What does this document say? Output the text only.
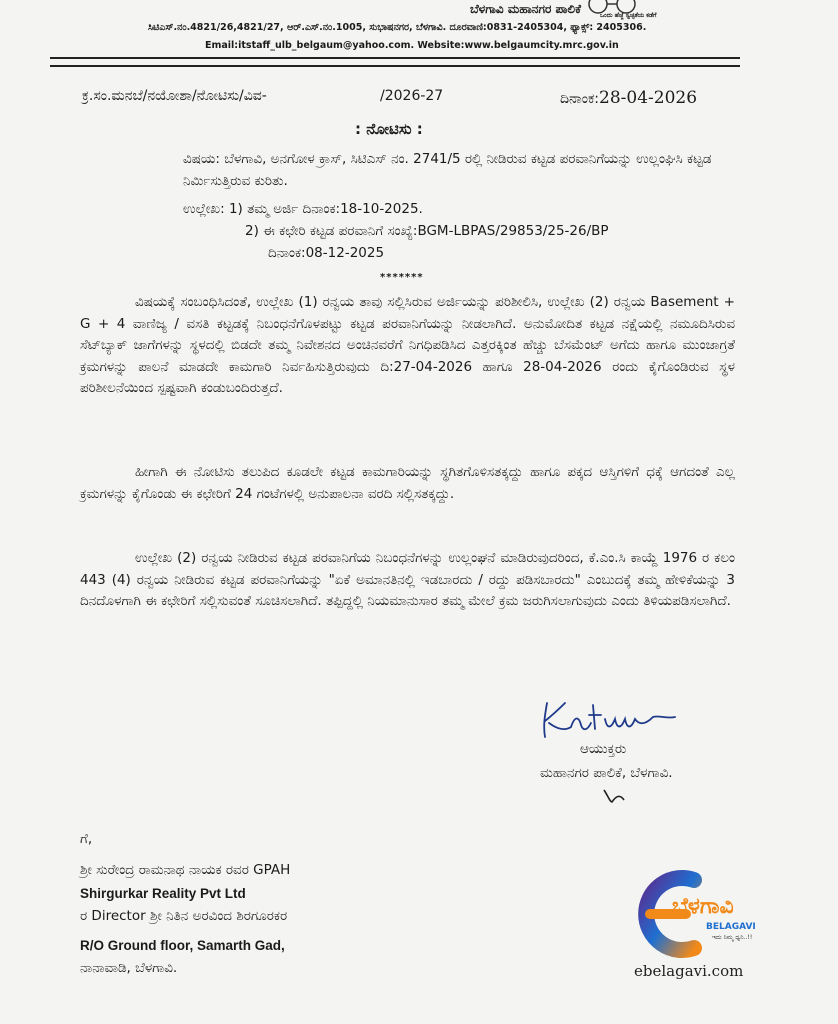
ಬೆಳಗಾವಿ ಮಹಾನಗರ ಪಾಲಿಕೆ	ಒಂದು ಹೆಜ್ಜೆ ಸ್ವಚ್ಛತೆಯ ಕಡೆಗೆ
ಸಿಟಿಎಸ್.ನಂ.4821/26,4821/27, ಆರ್.ಎಸ್.ನಂ.1005, ಸುಭಾಷನಗರ, ಬೆಳಗಾವಿ. ದೂರವಾಣಿ:0831-2405304, ಫ್ಯಾಕ್ಸ್: 2405306.
Email:itstaff_ulb_belgaum@yahoo.com. Website:www.belgaumcity.mrc.gov.in
ಕ್ರ.ಸಂ.ಮನಬೆ/ನಯೋಶಾ/ನೋಟಿಸು/ವಿವ-	/2026-27	ದಿನಾಂಕ:28-04-2026
: ನೋಟಿಸು :
ವಿಷಯ: ಬೆಳಗಾವಿ, ಅನಗೋಳ ಕ್ರಾಸ್, ಸಿಟಿಎಸ್ ನಂ. 2741/5 ರಲ್ಲಿ ನೀಡಿರುವ ಕಟ್ಟಡ ಪರವಾನಿಗೆಯನ್ನು ಉಲ್ಲಂಘಿಸಿ ಕಟ್ಟಡ ನಿರ್ಮಿಸುತ್ತಿರುವ ಕುರಿತು.
ಉಲ್ಲೇಖ: 1) ತಮ್ಮ ಅರ್ಜಿ ದಿನಾಂಕ:18-10-2025.
2) ಈ ಕಛೇರಿ ಕಟ್ಟಡ ಪರವಾನಿಗೆ ಸಂಖ್ಯೆ:BGM-LBPAS/29853/25-26/BP
ದಿನಾಂಕ:08-12-2025
*******
ವಿಷಯಕ್ಕೆ ಸಂಬಂಧಿಸಿದಂತೆ, ಉಲ್ಲೇಖ (1) ರನ್ವಯ ತಾವು ಸಲ್ಲಿಸಿರುವ ಅರ್ಜಿಯನ್ನು ಪರಿಶೀಲಿಸಿ, ಉಲ್ಲೇಖ (2) ರನ್ವಯ Basement + G + 4 ವಾಣಿಜ್ಯ / ವಸತಿ ಕಟ್ಟಡಕ್ಕೆ ನಿಬಂಧನೆಗೊಳಪಟ್ಟು ಕಟ್ಟಡ ಪರವಾನಿಗೆಯನ್ನು ನೀಡಲಾಗಿದೆ. ಅನುಮೋದಿತ ಕಟ್ಟಡ ನಕ್ಷೆಯಲ್ಲಿ ನಮೂದಿಸಿರುವ ಸೆಟ್‌ಬ್ಯಾಕ್ ಜಾಗೆಗಳನ್ನು ಸ್ಥಳದಲ್ಲಿ ಬಿಡದೇ ತಮ್ಮ ನಿವೇಶನದ ಅಂಚಿನವರೆಗೆ ನಿಗಧಿಪಡಿಸಿದ ಎತ್ತರಕ್ಕಿಂತ ಹೆಚ್ಚು ಬೆಸಮೆಂಟ್ ಅಗೆದು ಹಾಗೂ ಮುಂಜಾಗ್ರತೆ ಕ್ರಮಗಳನ್ನು ಪಾಲನೆ ಮಾಡದೇ ಕಾಮಗಾರಿ ನಿರ್ವಹಿಸುತ್ತಿರುವುದು ದಿ:27-04-2026 ಹಾಗೂ 28-04-2026 ರಂದು ಕೈಗೊಂಡಿರುವ ಸ್ಥಳ ಪರಿಶೀಲನೆಯಿಂದ ಸ್ಪಷ್ಟವಾಗಿ ಕಂಡುಬಂದಿರುತ್ತದೆ.
ಹೀಗಾಗಿ ಈ ನೋಟಿಸು ತಲುಪಿದ ಕೂಡಲೇ ಕಟ್ಟಡ ಕಾಮಗಾರಿಯನ್ನು ಸ್ಥಗಿತಗೊಳಿಸತಕ್ಕದ್ದು ಹಾಗೂ ಪಕ್ಕದ ಆಸ್ತಿಗಳಿಗೆ ಧಕ್ಕೆ ಆಗದಂತೆ ಎಲ್ಲ ಕ್ರಮಗಳನ್ನು ಕೈಗೊಂಡು ಈ ಕಛೇರಿಗೆ 24 ಗಂಟೆಗಳಲ್ಲಿ ಅನುಪಾಲನಾ ವರದಿ ಸಲ್ಲಿಸತಕ್ಕದ್ದು.
ಉಲ್ಲೇಖ (2) ರನ್ವಯ ನೀಡಿರುವ ಕಟ್ಟಡ ಪರವಾನಿಗೆಯ ನಿಬಂಧನೆಗಳನ್ನು ಉಲ್ಲಂಘನೆ ಮಾಡಿರುವುದರಿಂದ, ಕೆ.ಎಂ.ಸಿ ಕಾಯ್ದೆ 1976 ರ ಕಲಂ 443 (4) ರನ್ವಯ ನೀಡಿರುವ ಕಟ್ಟಡ ಪರವಾನಿಗೆಯನ್ನು "ಏಕೆ ಅಮಾನತಿನಲ್ಲಿ ಇಡಬಾರದು / ರದ್ದು ಪಡಿಸಬಾರದು" ಎಂಬುದಕ್ಕೆ ತಮ್ಮ ಹೇಳಿಕೆಯನ್ನು 3 ದಿನದೊಳಗಾಗಿ ಈ ಕಛೇರಿಗೆ ಸಲ್ಲಿಸುವಂತೆ ಸೂಚಿಸಲಾಗಿದೆ. ತಪ್ಪಿದ್ದಲ್ಲಿ ನಿಯಮಾನುಸಾರ ತಮ್ಮ ಮೇಲೆ ಕ್ರಮ ಜರುಗಿಸಲಾಗುವುದು ಎಂದು ತಿಳಿಯಪಡಿಸಲಾಗಿದೆ.
ಆಯುಕ್ತರು
ಮಹಾನಗರ ಪಾಲಿಕೆ, ಬೆಳಗಾವಿ.
ಗೆ,
ಶ್ರೀ ಸುರೇಂದ್ರ ರಾಮನಾಥ ನಾಯಕ ರವರ GPAH
Shirgurkar Reality Pvt Ltd
ರ Director ಶ್ರೀ ನಿತಿನ ಅರವಿಂದ ಶಿರಗೂರಕರ
R/O Ground floor, Samarth Gad,
ನಾನಾವಾಡಿ, ಬೆಳಗಾವಿ.
ಬೆಳಗಾವಿ
BELAGAVI
ಇದು ನಿಮ್ಮ ಧ್ವನಿ..!!
ebelagavi.com
